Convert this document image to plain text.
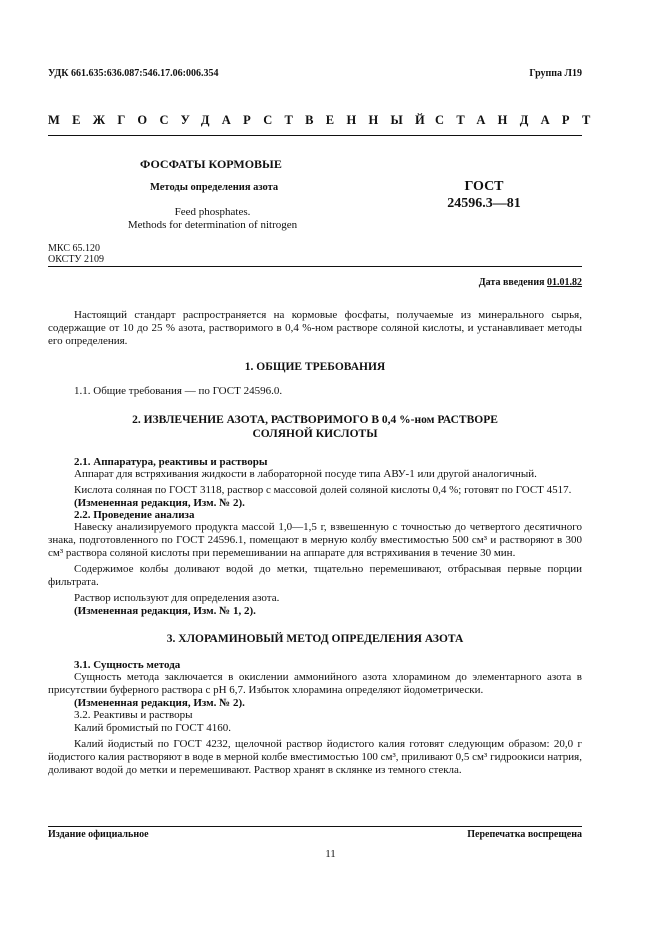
УДК 661.635:636.087:546.17.06:006.354	Группа Л19
МЕЖГОСУДАРСТВЕННЫЙ
СТАНДАРТ
ФОСФАТЫ КОРМОВЫЕ
Методы определения азота
Feed phosphates.
Methods for determination of nitrogen
ГОСТ
24596.3—81
МКС 65.120
ОКСТУ 2109
Дата введения 01.01.82
Настоящий стандарт распространяется на кормовые фосфаты, получаемые из минерального сырья, содержащие от 10 до 25 % азота, растворимого в 0,4 %-ном растворе соляной кислоты, и устанавливает методы его определения.
1. ОБЩИЕ ТРЕБОВАНИЯ
1.1. Общие требования — по ГОСТ 24596.0.
2. ИЗВЛЕЧЕНИЕ АЗОТА, РАСТВОРИМОГО В 0,4 %-ном РАСТВОРЕ
СОЛЯНОЙ КИСЛОТЫ
2.1. Аппаратура, реактивы и растворы
Аппарат для встряхивания жидкости в лабораторной посуде типа АВУ-1 или другой аналогичный.
Кислота соляная по ГОСТ 3118, раствор с массовой долей соляной кислоты 0,4 %; готовят по ГОСТ 4517.
(Измененная редакция, Изм. № 2).
2.2. Проведение анализа
Навеску анализируемого продукта массой 1,0—1,5 г, взвешенную с точностью до четвертого десятичного знака, подготовленного по ГОСТ 24596.1, помещают в мерную колбу вместимостью 500 см³ и растворяют в 300 см³ раствора соляной кислоты при перемешивании на аппарате для встряхивания в течение 30 мин.
Содержимое колбы доливают водой до метки, тщательно перемешивают, отбрасывая первые порции фильтрата.
Раствор используют для определения азота.
(Измененная редакция, Изм. № 1, 2).
3. ХЛОРАМИНОВЫЙ МЕТОД ОПРЕДЕЛЕНИЯ АЗОТА
3.1. Сущность метода
Сущность метода заключается в окислении аммонийного азота хлорамином до элементарного азота в присутствии буферного раствора с pH 6,7. Избыток хлорамина определяют йодометрически.
(Измененная редакция, Изм. № 2).
3.2. Реактивы и растворы
Калий бромистый по ГОСТ 4160.
Калий йодистый по ГОСТ 4232, щелочной раствор йодистого калия готовят следующим образом: 20,0 г йодистого калия растворяют в воде в мерной колбе вместимостью 100 см³, приливают 0,5 см³ гидроокиси натрия, доливают водой до метки и перемешивают. Раствор хранят в склянке из темного стекла.
Издание официальное	Перепечатка воспрещена
11
